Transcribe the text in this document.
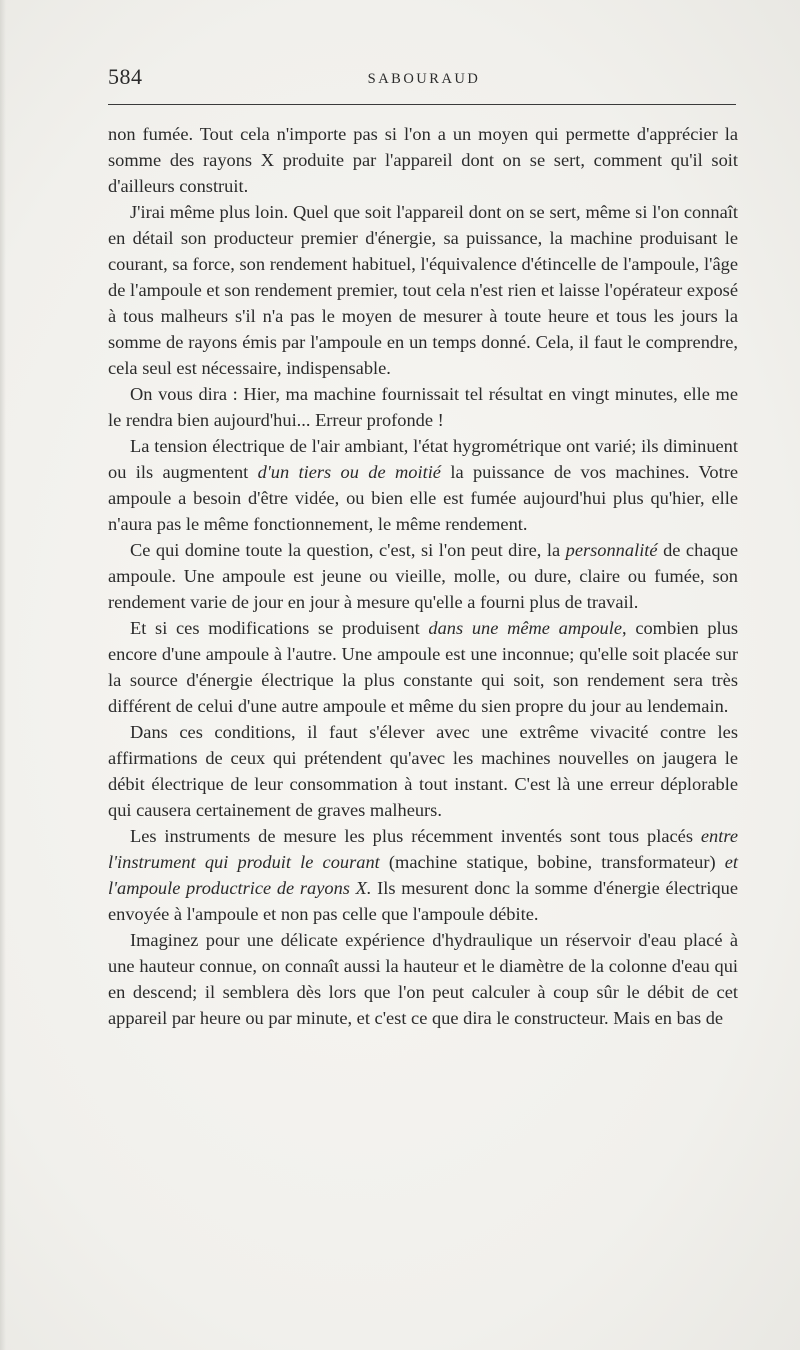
584	SABOURAUD

non fumée. Tout cela n'importe pas si l'on a un moyen qui permette d'apprécier la somme des rayons X produite par l'appareil dont on se sert, comment qu'il soit d'ailleurs construit.

J'irai même plus loin. Quel que soit l'appareil dont on se sert, même si l'on connaît en détail son producteur premier d'énergie, sa puissance, la machine produisant le courant, sa force, son rendement habituel, l'équivalence d'étincelle de l'ampoule, l'âge de l'ampoule et son rendement premier, tout cela n'est rien et laisse l'opérateur exposé à tous malheurs s'il n'a pas le moyen de mesurer à toute heure et tous les jours la somme de rayons émis par l'ampoule en un temps donné. Cela, il faut le comprendre, cela seul est nécessaire, indispensable.

On vous dira : Hier, ma machine fournissait tel résultat en vingt minutes, elle me le rendra bien aujourd'hui... Erreur profonde !

La tension électrique de l'air ambiant, l'état hygrométrique ont varié; ils diminuent ou ils augmentent d'un tiers ou de moitié la puissance de vos machines. Votre ampoule a besoin d'être vidée, ou bien elle est fumée aujourd'hui plus qu'hier, elle n'aura pas le même fonctionnement, le même rendement.

Ce qui domine toute la question, c'est, si l'on peut dire, la personnalité de chaque ampoule. Une ampoule est jeune ou vieille, molle, ou dure, claire ou fumée, son rendement varie de jour en jour à mesure qu'elle a fourni plus de travail.

Et si ces modifications se produisent dans une même ampoule, combien plus encore d'une ampoule à l'autre. Une ampoule est une inconnue; qu'elle soit placée sur la source d'énergie électrique la plus constante qui soit, son rendement sera très différent de celui d'une autre ampoule et même du sien propre du jour au lendemain.

Dans ces conditions, il faut s'élever avec une extrême vivacité contre les affirmations de ceux qui prétendent qu'avec les machines nouvelles on jaugera le débit électrique de leur consommation à tout instant. C'est là une erreur déplorable qui causera certainement de graves malheurs.

Les instruments de mesure les plus récemment inventés sont tous placés entre l'instrument qui produit le courant (machine statique, bobine, transformateur) et l'ampoule productrice de rayons X. Ils mesurent donc la somme d'énergie électrique envoyée à l'ampoule et non pas celle que l'ampoule débite.

Imaginez pour une délicate expérience d'hydraulique un réservoir d'eau placé à une hauteur connue, on connaît aussi la hauteur et le diamètre de la colonne d'eau qui en descend; il semblera dès lors que l'on peut calculer à coup sûr le débit de cet appareil par heure ou par minute, et c'est ce que dira le constructeur. Mais en bas de
